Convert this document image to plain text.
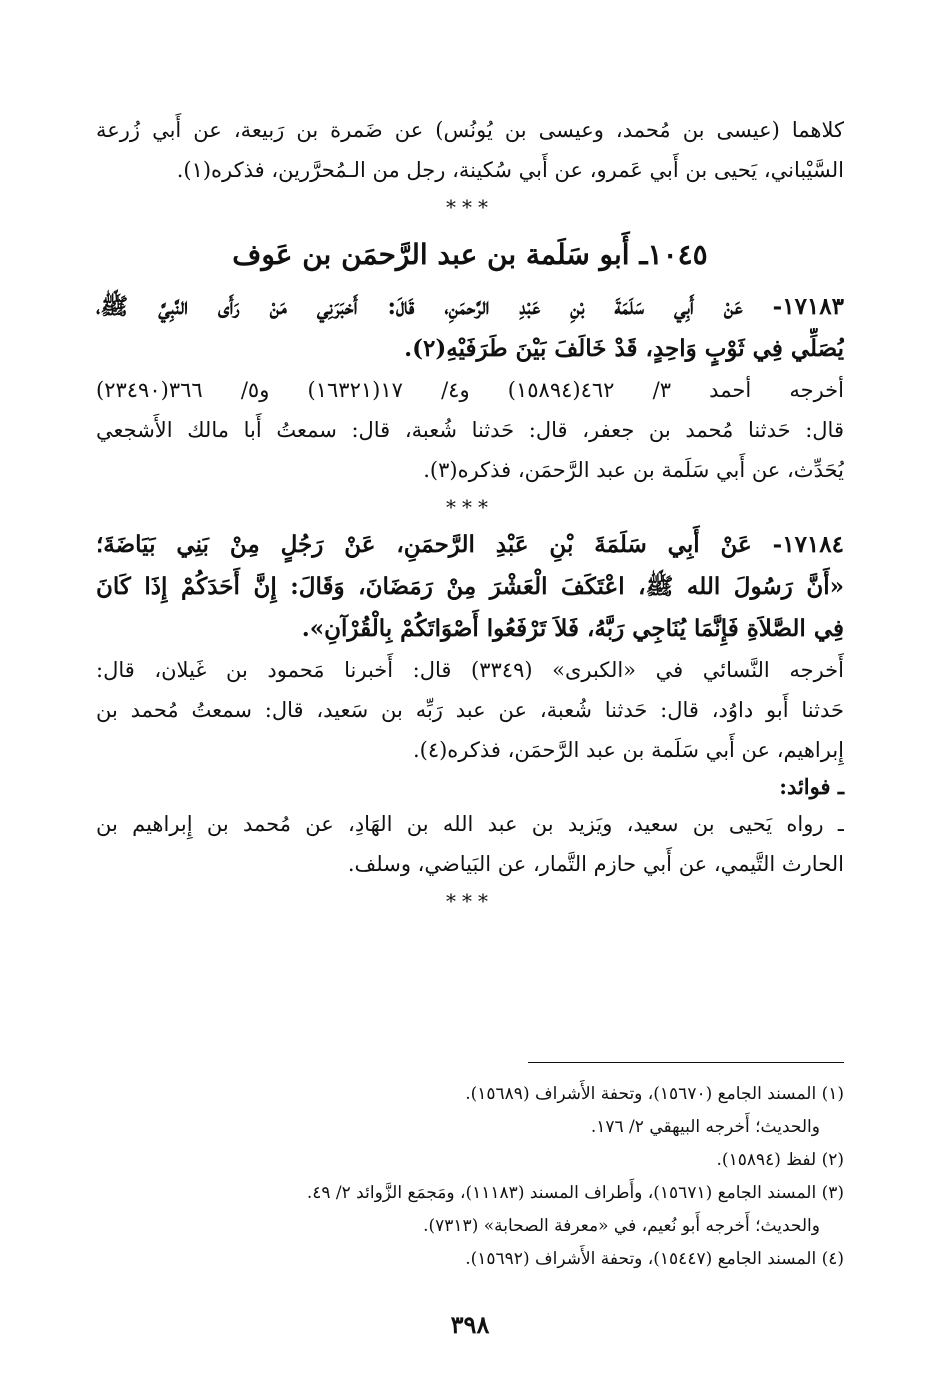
كلاهما (عيسى بن مُحمد، وعيسى بن يُونُس) عن ضَمرة بن رَبيعة، عن أَبي زُرعة
السَّيْباني، يَحيى بن أَبي عَمرو، عن أَبي سُكينة، رجل من الـمُحرَّرين، فذكره(١).
***
١٠٤٥ـ أَبو سَلَمة بن عبد الرَّحمَن بن عَوف
١٧١٨٣- عَنْ أَبِي سَلَمَةَ بْنِ عَبْدِ الرَّحمَنِ، قَالَ: أَخبَرَنِي مَنْ رَأَى النَّبِيَّ ﷺ،
يُصَلِّي فِي ثَوْبٍ وَاحِدٍ، قَدْ خَالَفَ بَيْنَ طَرَفَيْهِ(٢).
أخرجه أحمد ٣/ ٤٦٢(١٥٨٩٤) و٤/ ١٧(١٦٣٢١) و٥/ ٣٦٦(٢٣٤٩٠)
قال: حَدثنا مُحمد بن جعفر، قال: حَدثنا شُعبة، قال: سمعتُ أَبا مالك الأَشجعي
يُحَدِّث، عن أَبي سَلَمة بن عبد الرَّحمَن، فذكره(٣).
***
١٧١٨٤- عَنْ أَبِي سَلَمَةَ بْنِ عَبْدِ الرَّحمَنِ، عَنْ رَجُلٍ مِنْ بَنِي بَيَاضَةَ؛
«أَنَّ رَسُولَ الله ﷺ، اعْتَكَفَ الْعَشْرَ مِنْ رَمَضَانَ، وَقَالَ: إِنَّ أَحَدَكُمْ إِذَا كَانَ
فِي الصَّلاَةِ فَإِنَّمَا يُنَاجِي رَبَّهُ، فَلاَ تَرْفَعُوا أَصْوَاتَكُمْ بِالْقُرْآنِ».
أَخرجه النَّسائي في «الكبرى» (٣٣٤٩) قال: أَخبرنا مَحمود بن غَيلان، قال:
حَدثنا أَبو داوُد، قال: حَدثنا شُعبة، عن عبد رَبِّه بن سَعيد، قال: سمعتُ مُحمد بن
إِبراهيم، عن أَبي سَلَمة بن عبد الرَّحمَن، فذكره(٤).
ـ فوائد:
ـ رواه يَحيى بن سعيد، ويَزيد بن عبد الله بن الهَادِ، عن مُحمد بن إِبراهيم بن
الحارث التَّيمي، عن أَبي حازم التَّمار، عن البَياضي، وسلف.
***
(١) المسند الجامع (١٥٦٧٠)، وتحفة الأَشراف (١٥٦٨٩).
والحديث؛ أَخرجه البيهقي ٢/ ١٧٦.
(٢) لفظ (١٥٨٩٤).
(٣) المسند الجامع (١٥٦٧١)، وأَطراف المسند (١١١٨٣)، ومَجمَع الزَّوائد ٢/ ٤٩.
والحديث؛ أَخرجه أَبو نُعيم، في «معرفة الصحابة» (٧٣١٣).
(٤) المسند الجامع (١٥٤٤٧)، وتحفة الأَشراف (١٥٦٩٢).
٣٩٨
